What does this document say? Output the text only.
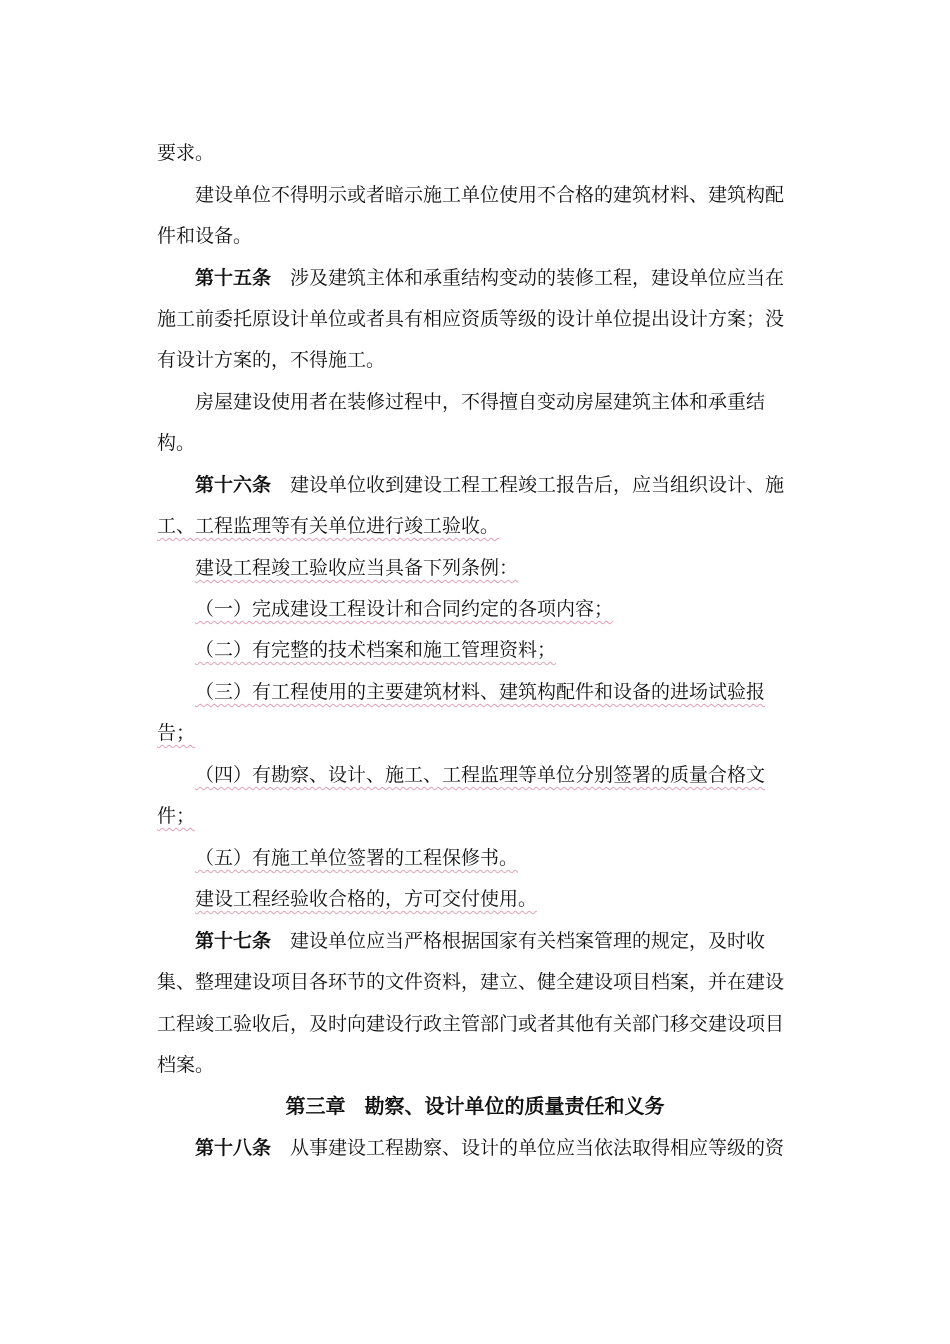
要求。
建设单位不得明示或者暗示施工单位使用不合格的建筑材料、建筑构配
件和设备。
第十五条 涉及建筑主体和承重结构变动的装修工程，建设单位应当在
施工前委托原设计单位或者具有相应资质等级的设计单位提出设计方案；没
有设计方案的，不得施工。
房屋建设使用者在装修过程中，不得擅自变动房屋建筑主体和承重结
构。
第十六条 建设单位收到建设工程工程竣工报告后，应当组织设计、施
工、工程监理等有关单位进行竣工验收。
建设工程竣工验收应当具备下列条例：
（一）完成建设工程设计和合同约定的各项内容；
（二）有完整的技术档案和施工管理资料；
（三）有工程使用的主要建筑材料、建筑构配件和设备的进场试验报
告；
（四）有勘察、设计、施工、工程监理等单位分别签署的质量合格文
件；
（五）有施工单位签署的工程保修书。
建设工程经验收合格的，方可交付使用。
第十七条 建设单位应当严格根据国家有关档案管理的规定，及时收
集、整理建设项目各环节的文件资料，建立、健全建设项目档案，并在建设
工程竣工验收后，及时向建设行政主管部门或者其他有关部门移交建设项目
档案。
第三章 勘察、设计单位的质量责任和义务
第十八条 从事建设工程勘察、设计的单位应当依法取得相应等级的资
